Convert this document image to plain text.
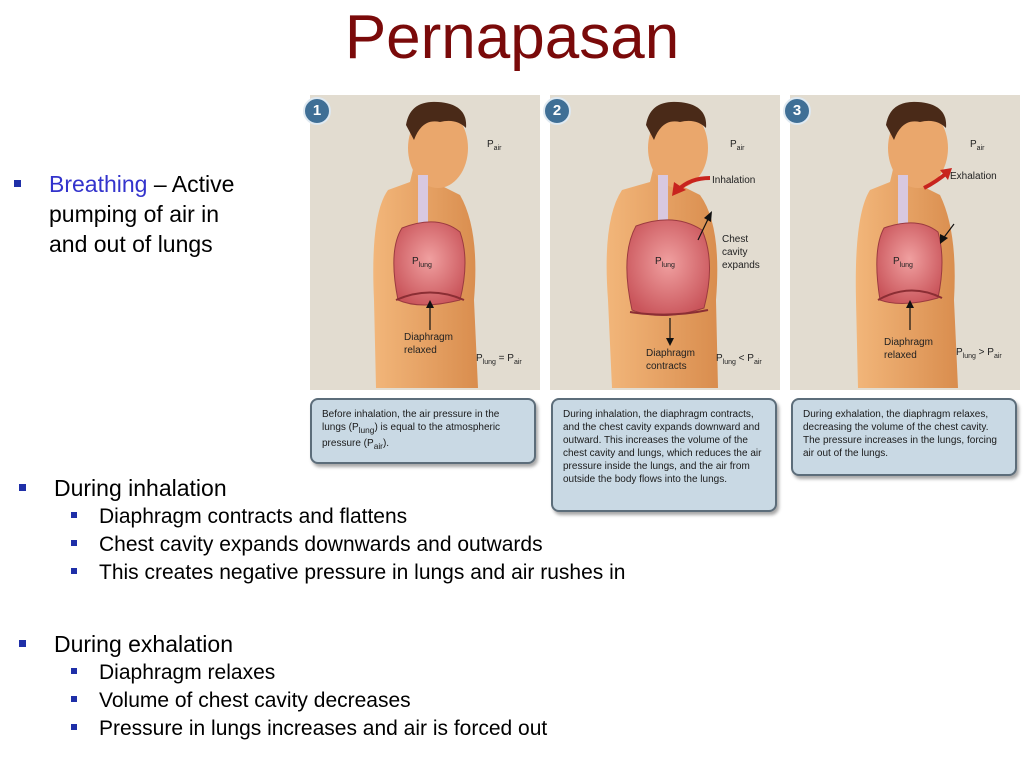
Pernapasan
Breathing – Active
pumping of air in
and out of lungs
$P_{air}$
$P_{lung}$
Diaphragm
relaxed
$P_{lung} = P_{air}$
$P_{air}$
Inhalation
Chest
cavity
expands
$P_{lung}$
Diaphragm
contracts
$P_{lung} < P_{air}$
$P_{air}$
Exhalation
$P_{lung}$
Diaphragm
relaxed	$P_{lung} > P_{air}$
1	2	3
Before inhalation, the air pressure in the
lungs $(P_{lung})$ is equal to the atmospheric
pressure $(P_{air})$.
During inhalation, the diaphragm contracts, and the chest cavity expands downward and outward. This increases the volume of the chest cavity and lungs, which reduces the air pressure inside the lungs, and the air from outside the body flows into the lungs.
During exhalation, the diaphragm relaxes, decreasing the volume of the chest cavity. The pressure increases in the lungs, forcing air out of the lungs.
During inhalation
Diaphragm contracts and flattens
Chest cavity expands downwards and outwards
This creates negative pressure in lungs and air rushes in
During exhalation
Diaphragm relaxes
Volume of chest cavity decreases
Pressure in lungs increases and air is forced out
